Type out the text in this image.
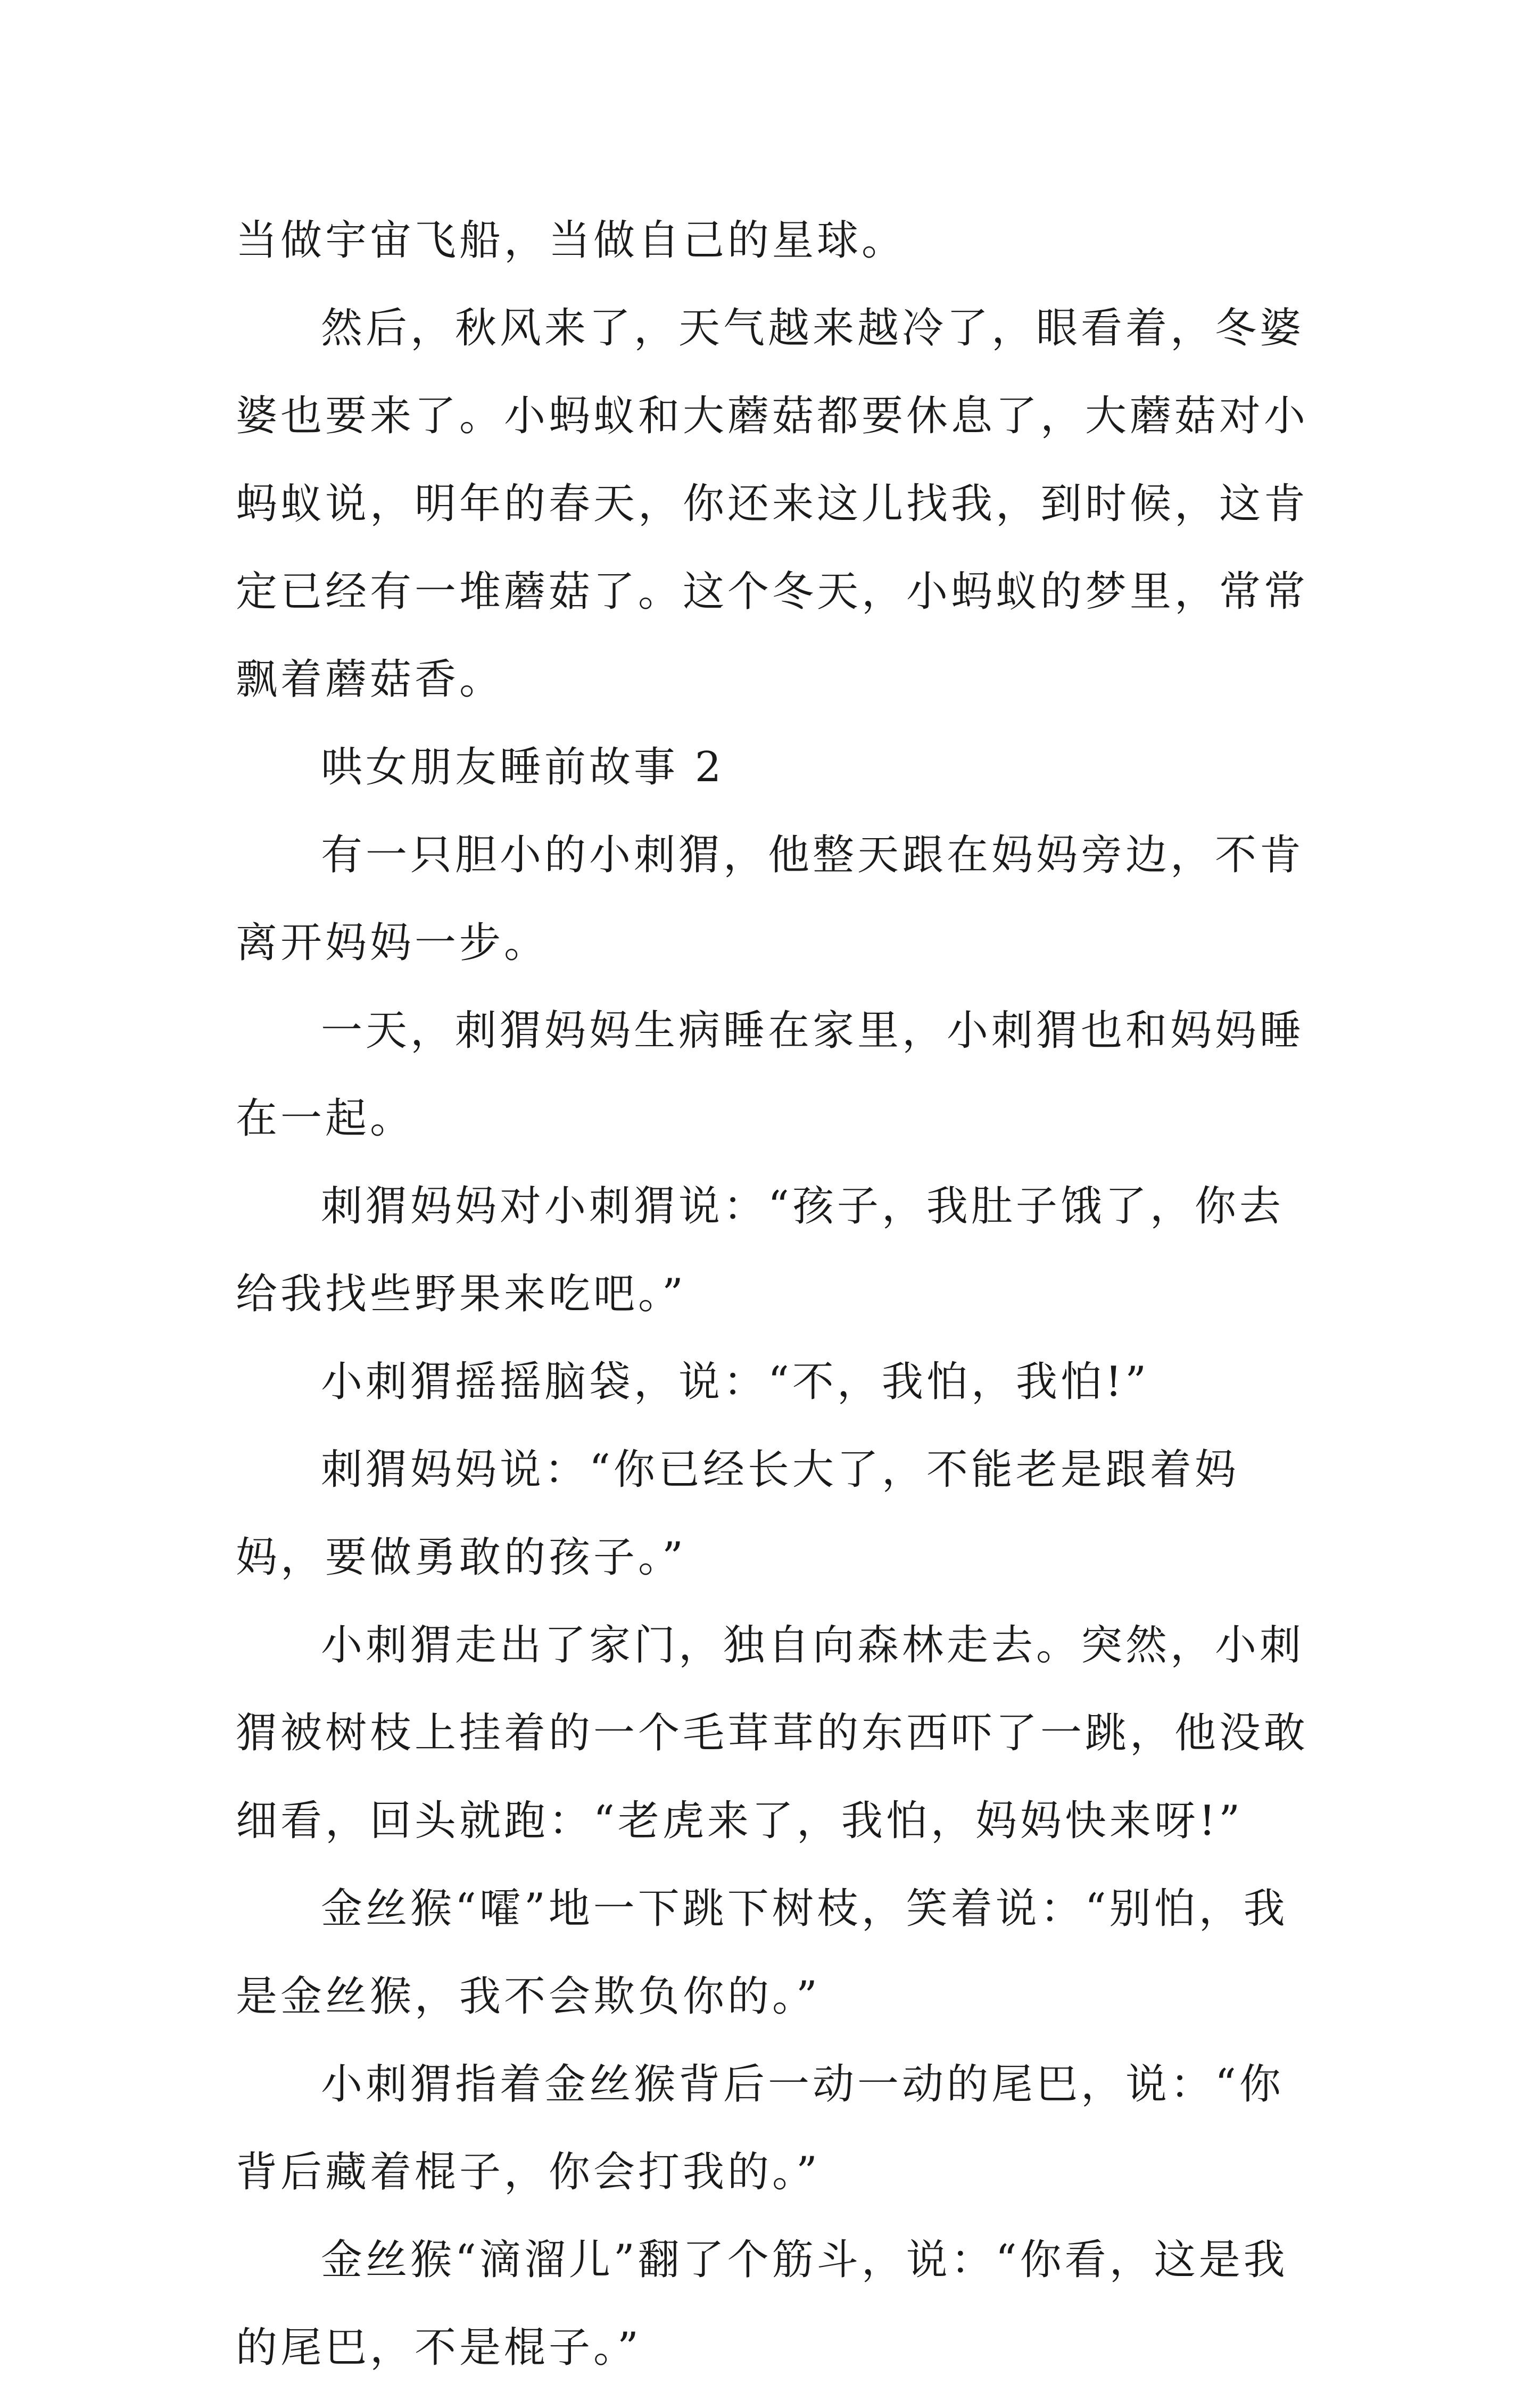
当做宇宙飞船，当做自己的星球。

然后，秋风来了，天气越来越冷了，眼看着，冬婆婆也要来了。小蚂蚁和大蘑菇都要休息了，大蘑菇对小蚂蚁说，明年的春天，你还来这儿找我，到时候，这肯定已经有一堆蘑菇了。这个冬天，小蚂蚁的梦里，常常飘着蘑菇香。

哄女朋友睡前故事 2

有一只胆小的小刺猬，他整天跟在妈妈旁边，不肯离开妈妈一步。

一天，刺猬妈妈生病睡在家里，小刺猬也和妈妈睡在一起。

刺猬妈妈对小刺猬说：“孩子，我肚子饿了，你去给我找些野果来吃吧。”

小刺猬摇摇脑袋，说：“不，我怕，我怕!”

刺猬妈妈说：“你已经长大了，不能老是跟着妈妈，要做勇敢的孩子。”

小刺猬走出了家门，独自向森林走去。突然，小刺猬被树枝上挂着的一个毛茸茸的东西吓了一跳，他没敢细看，回头就跑：“老虎来了，我怕，妈妈快来呀!”

金丝猴“嚯”地一下跳下树枝，笑着说：“别怕，我是金丝猴，我不会欺负你的。”

小刺猬指着金丝猴背后一动一动的尾巴，说：“你背后藏着棍子，你会打我的。”

金丝猴“滴溜儿”翻了个筋斗，说：“你看，这是我的尾巴，不是棍子。”
